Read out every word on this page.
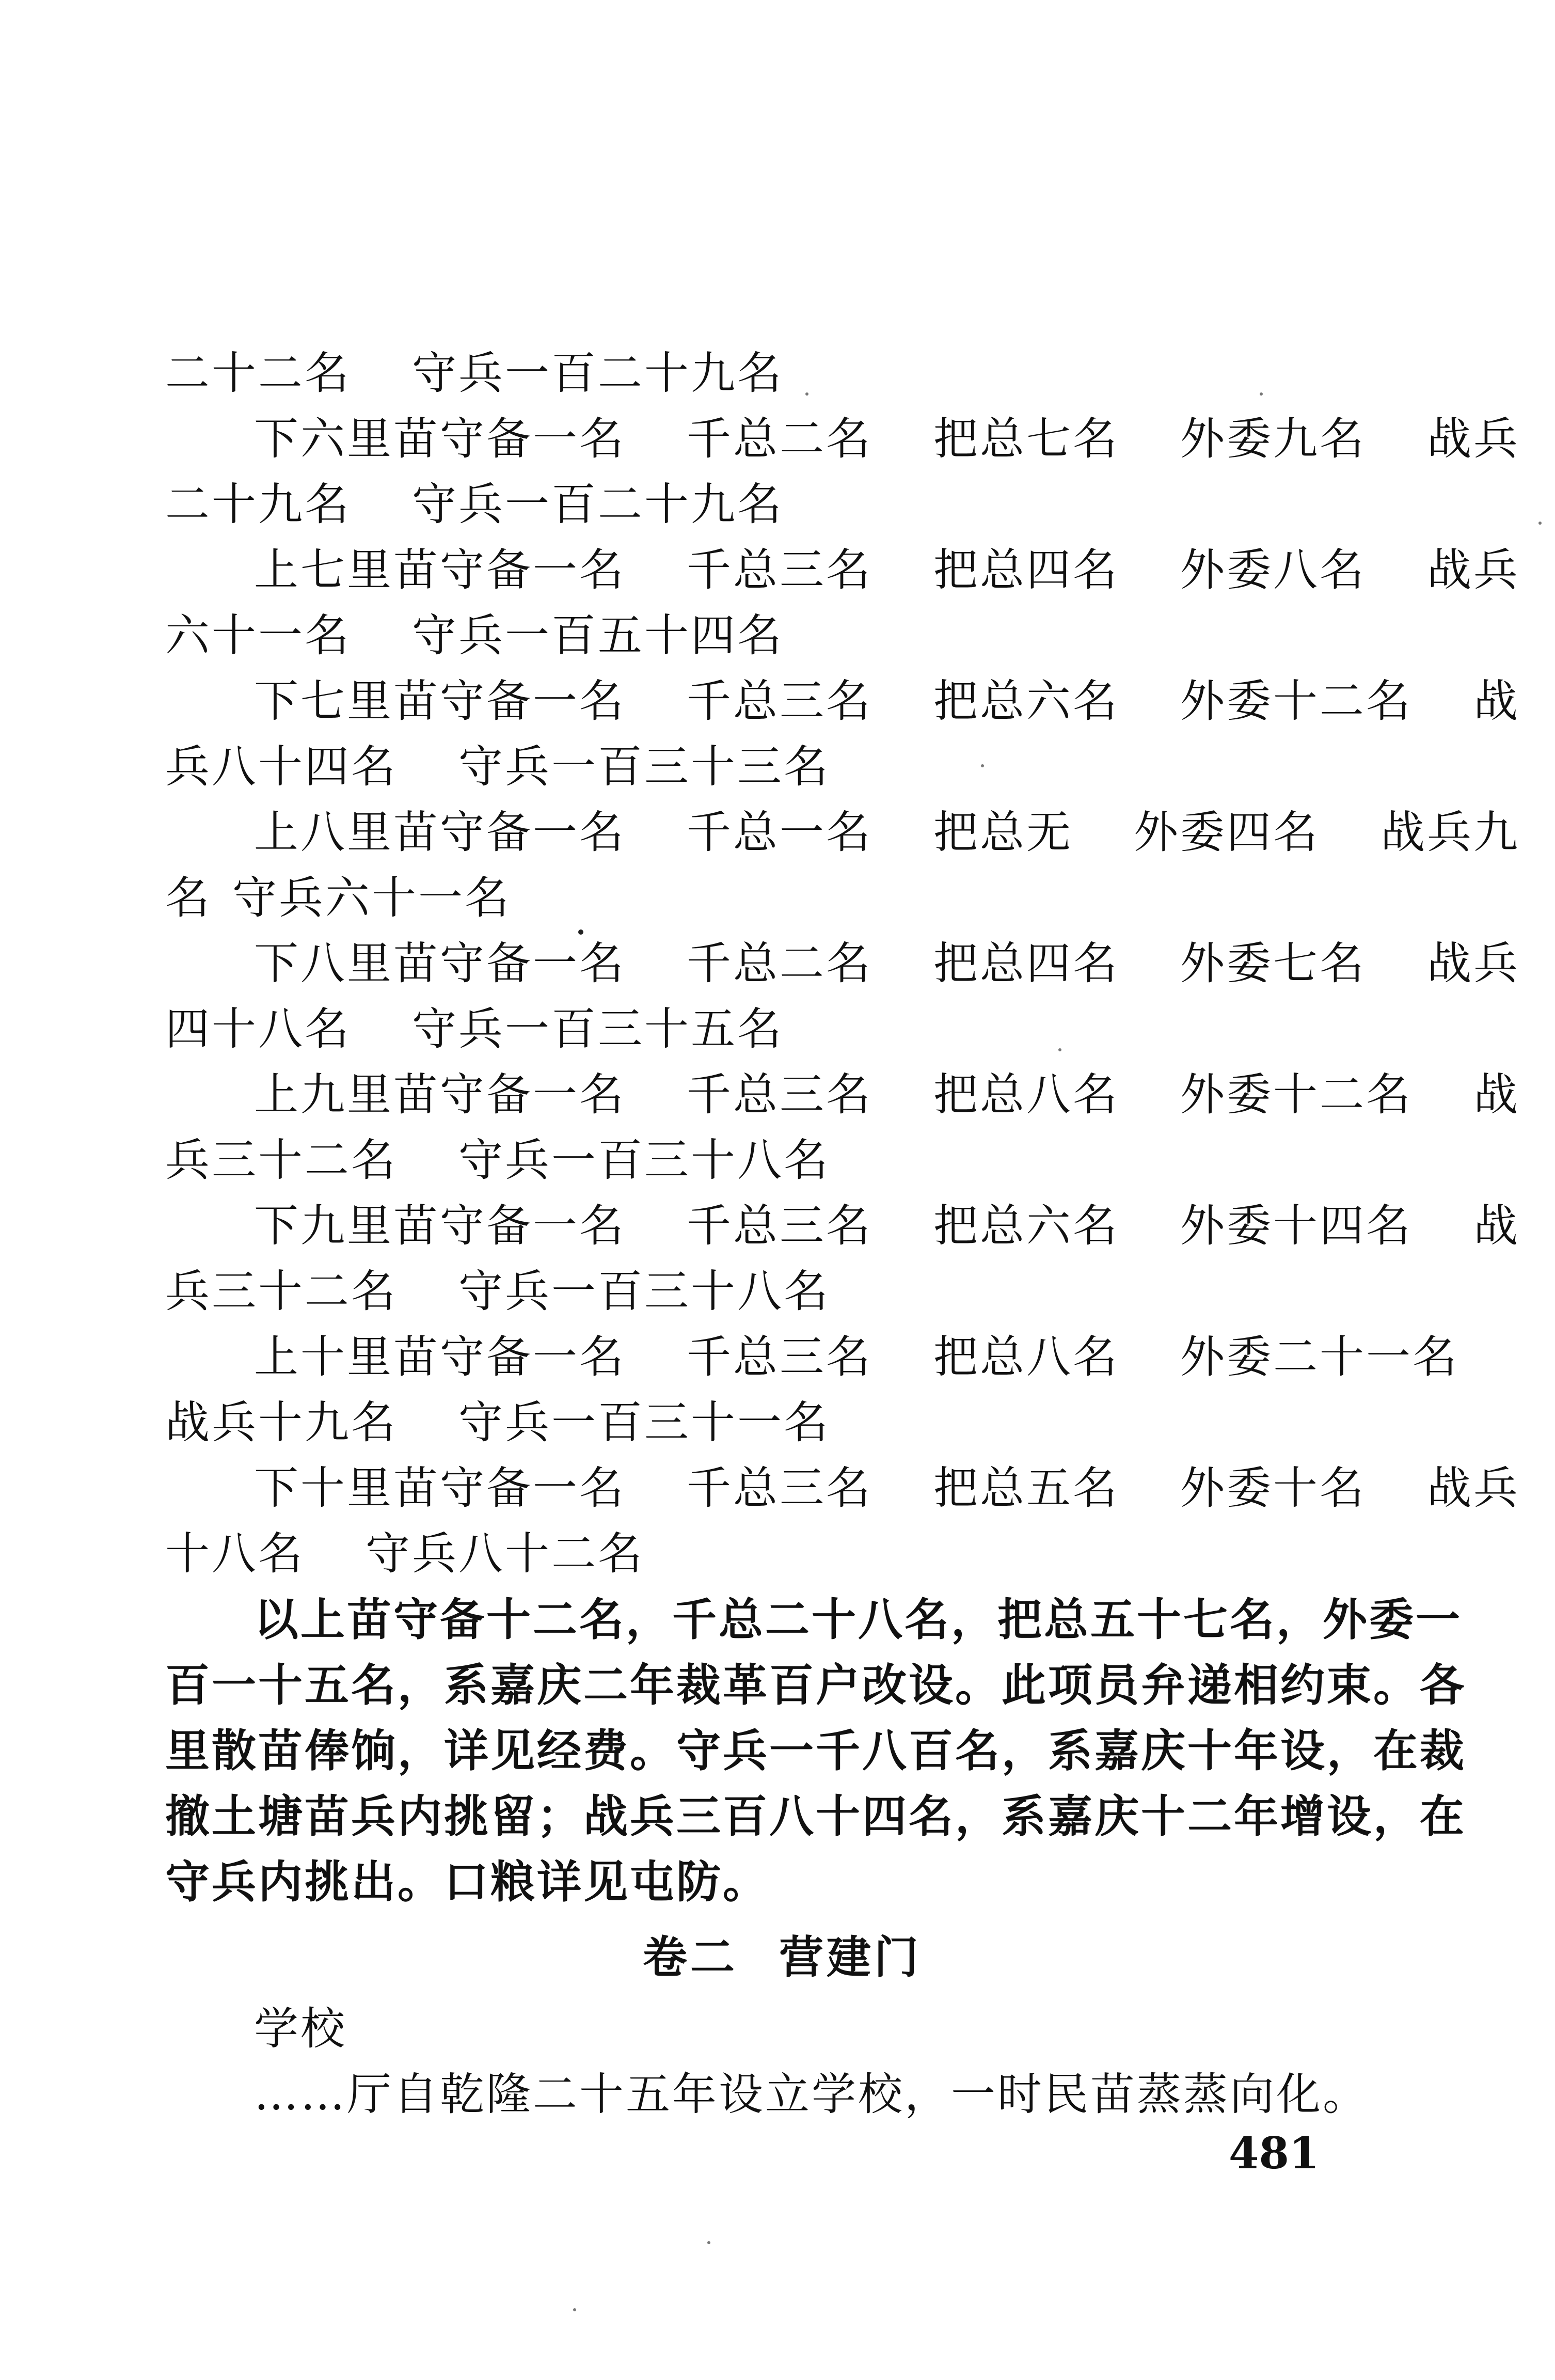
二十二名 守兵一百二十九名
下六里苗守备一名 千总二名 把总七名 外委九名 战兵
二十九名 守兵一百二十九名
上七里苗守备一名 千总三名 把总四名 外委八名 战兵
六十一名 守兵一百五十四名
下七里苗守备一名 千总三名 把总六名 外委十二名 战
兵八十四名 守兵一百三十三名
上八里苗守备一名 千总一名 把总无 外委四名 战兵九
名 守兵六十一名
下八里苗守备一名 千总二名 把总四名 外委七名 战兵
四十八名 守兵一百三十五名
上九里苗守备一名 千总三名 把总八名 外委十二名 战
兵三十二名 守兵一百三十八名
下九里苗守备一名 千总三名 把总六名 外委十四名 战
兵三十二名 守兵一百三十八名
上十里苗守备一名 千总三名 把总八名 外委二十一名
战兵十九名 守兵一百三十一名
下十里苗守备一名 千总三名 把总五名 外委十名 战兵
十八名 守兵八十二名
以上苗守备十二名，千总二十八名，把总五十七名，外委一
百一十五名，系嘉庆二年裁革百户改设。此项员弁递相约束。各
里散苗俸饷，详见经费。守兵一千八百名，系嘉庆十年设，在裁
撤土塘苗兵内挑留；战兵三百八十四名，系嘉庆十二年增设，在
守兵内挑出。口粮详见屯防。
卷二 营建门
学校
……厅自乾隆二十五年设立学校，一时民苗蒸蒸向化。
481
